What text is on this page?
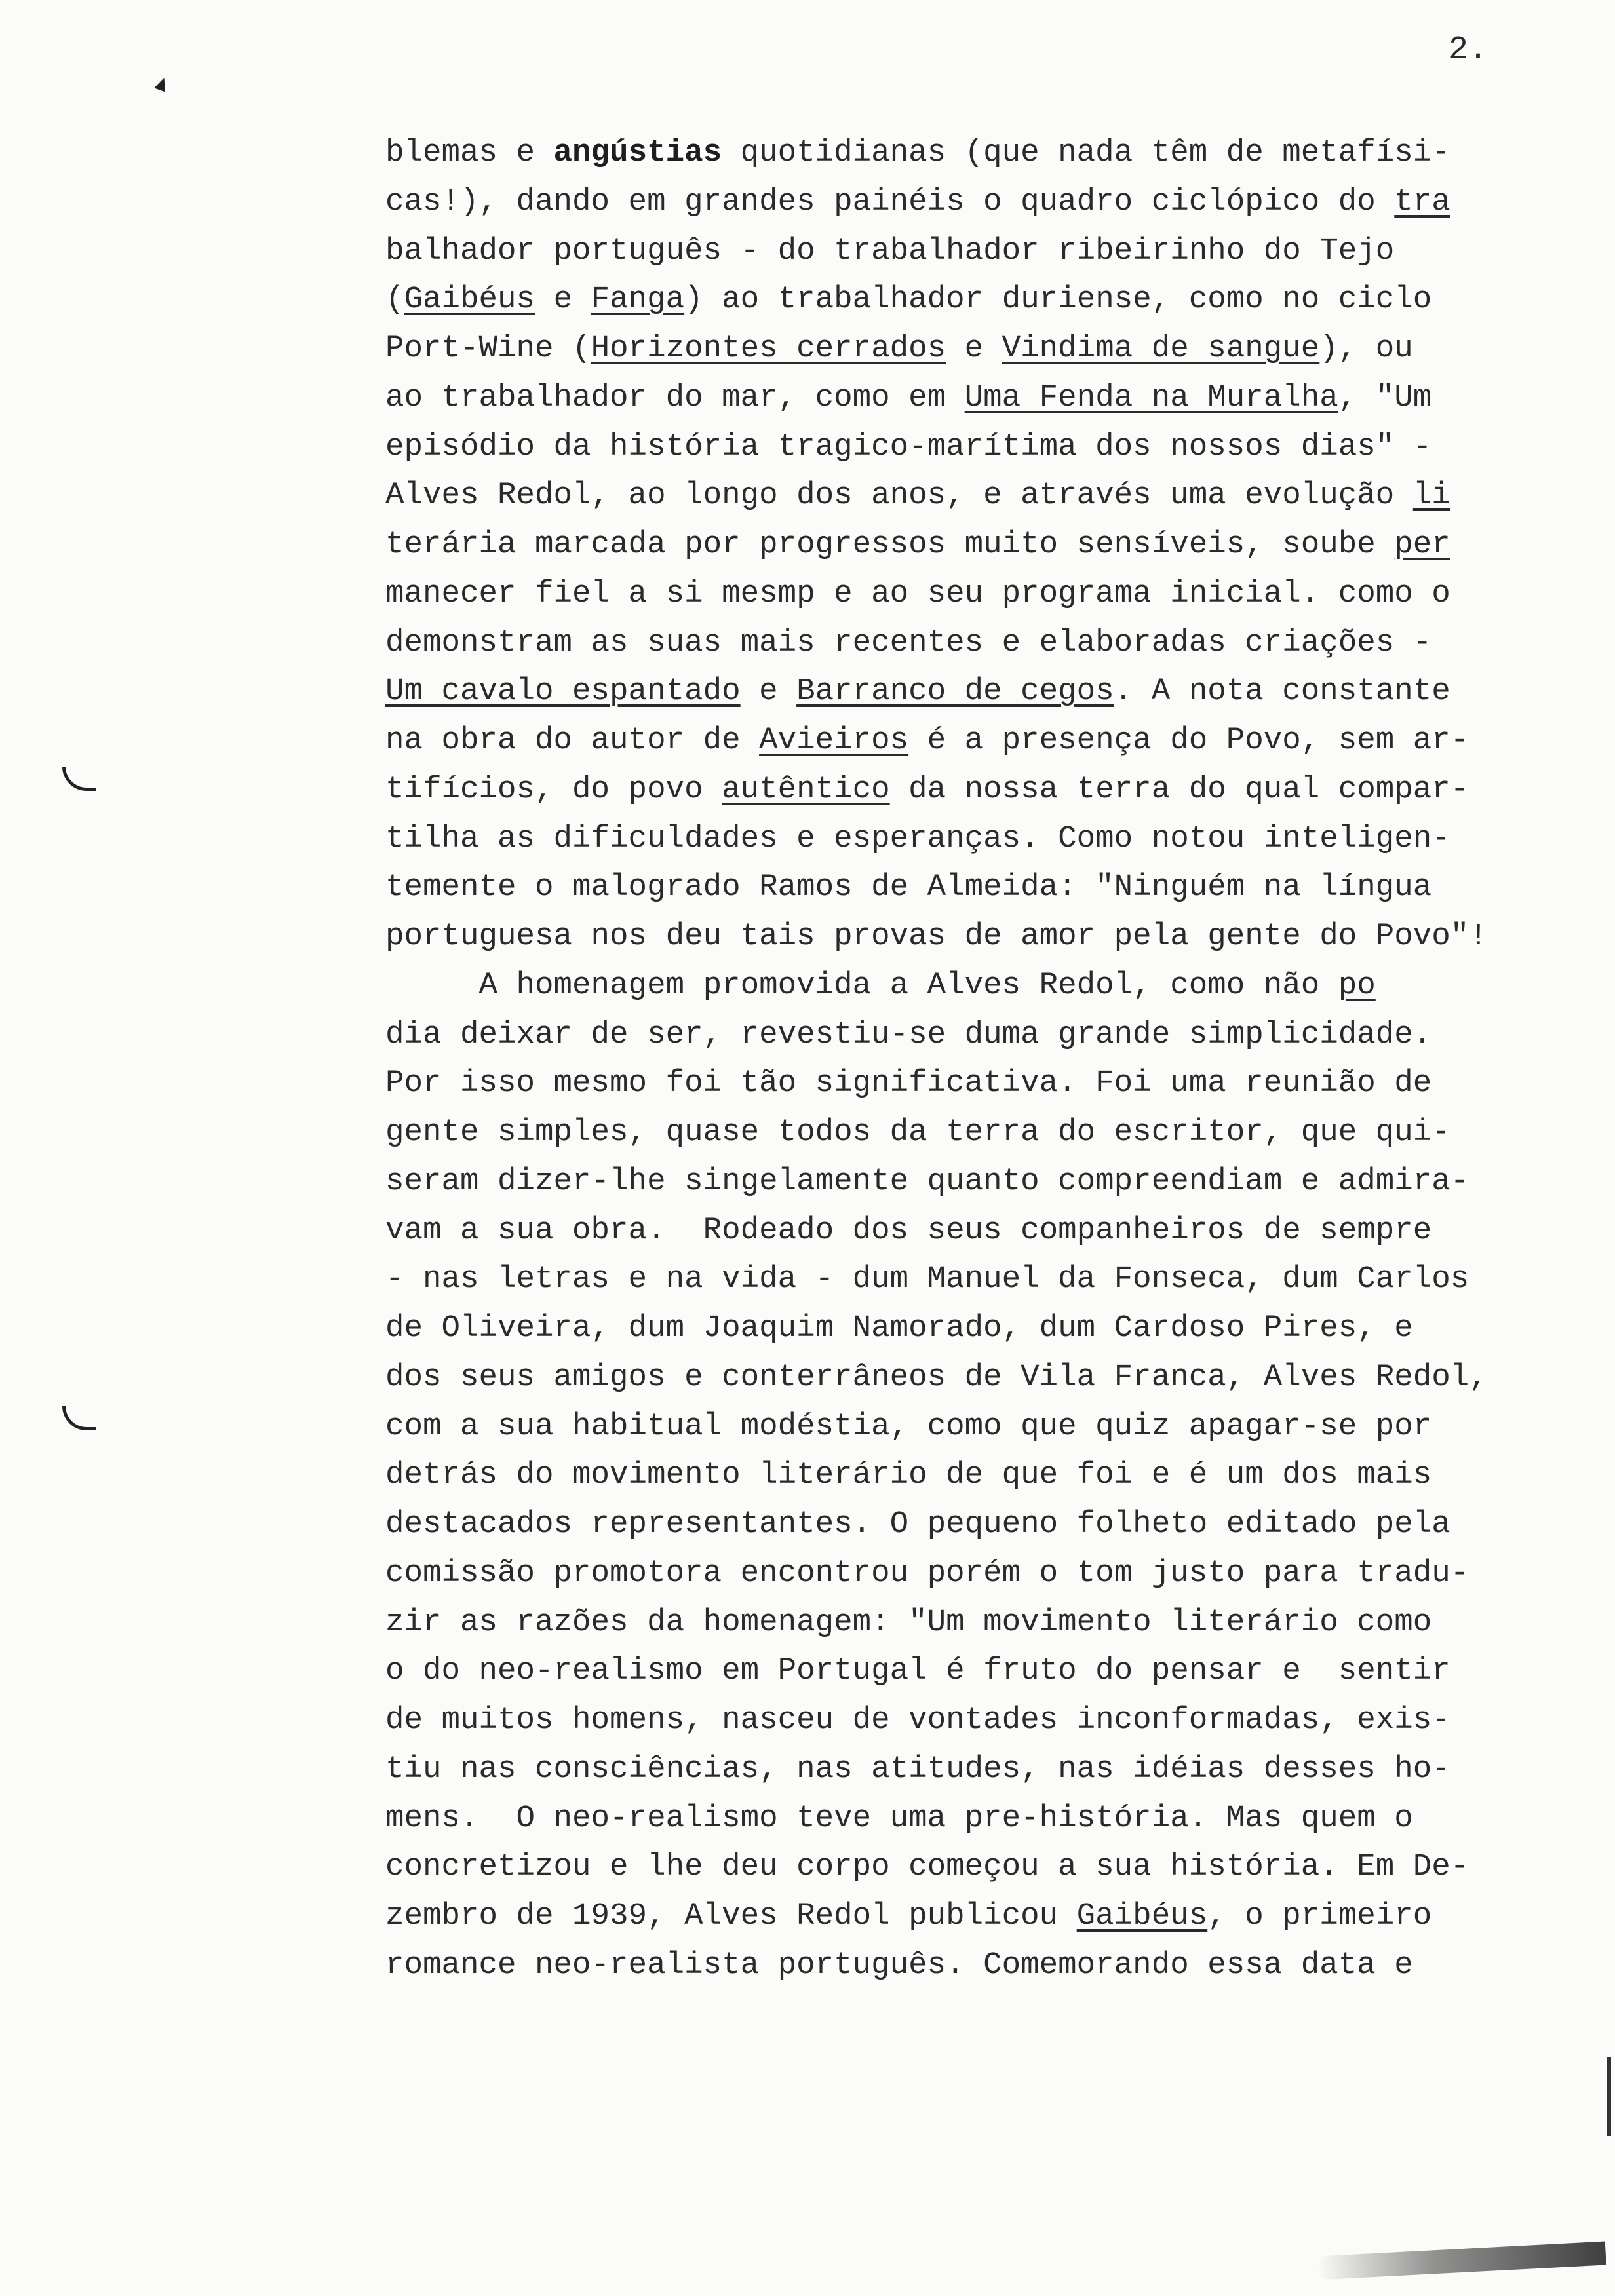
2.
blemas e angústias quotidianas (que nada têm de metafísi-
cas!), dando em grandes painéis o quadro ciclópico do tra
balhador português - do trabalhador ribeirinho do Tejo
(Gaibéus e Fanga) ao trabalhador duriense, como no ciclo
Port-Wine (Horizontes cerrados e Vindima de sangue), ou
ao trabalhador do mar, como em Uma Fenda na Muralha, "Um
episódio da história tragico-marítima dos nossos dias" -
Alves Redol, ao longo dos anos, e através uma evolução li
terária marcada por progressos muito sensíveis, soube per
manecer fiel a si mesmp e ao seu programa inicial. como o
demonstram as suas mais recentes e elaboradas criações -
Um cavalo espantado e Barranco de cegos. A nota constante
na obra do autor de Avieiros é a presença do Povo, sem ar-
tifícios, do povo autêntico da nossa terra do qual compar-
tilha as dificuldades e esperanças. Como notou inteligen-
temente o malogrado Ramos de Almeida: "Ninguém na língua
portuguesa nos deu tais provas de amor pela gente do Povo"!
A homenagem promovida a Alves Redol, como não po
dia deixar de ser, revestiu-se duma grande simplicidade.
Por isso mesmo foi tão significativa. Foi uma reunião de
gente simples, quase todos da terra do escritor, que qui-
seram dizer-lhe singelamente quanto compreendiam e admira-
vam a sua obra.  Rodeado dos seus companheiros de sempre
- nas letras e na vida - dum Manuel da Fonseca, dum Carlos
de Oliveira, dum Joaquim Namorado, dum Cardoso Pires, e
dos seus amigos e conterrâneos de Vila Franca, Alves Redol,
com a sua habitual modéstia, como que quiz apagar-se por
detrás do movimento literário de que foi e é um dos mais
destacados representantes. O pequeno folheto editado pela
comissão promotora encontrou porém o tom justo para tradu-
zir as razões da homenagem: "Um movimento literário como
o do neo-realismo em Portugal é fruto do pensar e  sentir
de muitos homens, nasceu de vontades inconformadas, exis-
tiu nas consciências, nas atitudes, nas idéias desses ho-
mens.  O neo-realismo teve uma pre-história. Mas quem o
concretizou e lhe deu corpo começou a sua história. Em De-
zembro de 1939, Alves Redol publicou Gaibéus, o primeiro
romance neo-realista português. Comemorando essa data e
